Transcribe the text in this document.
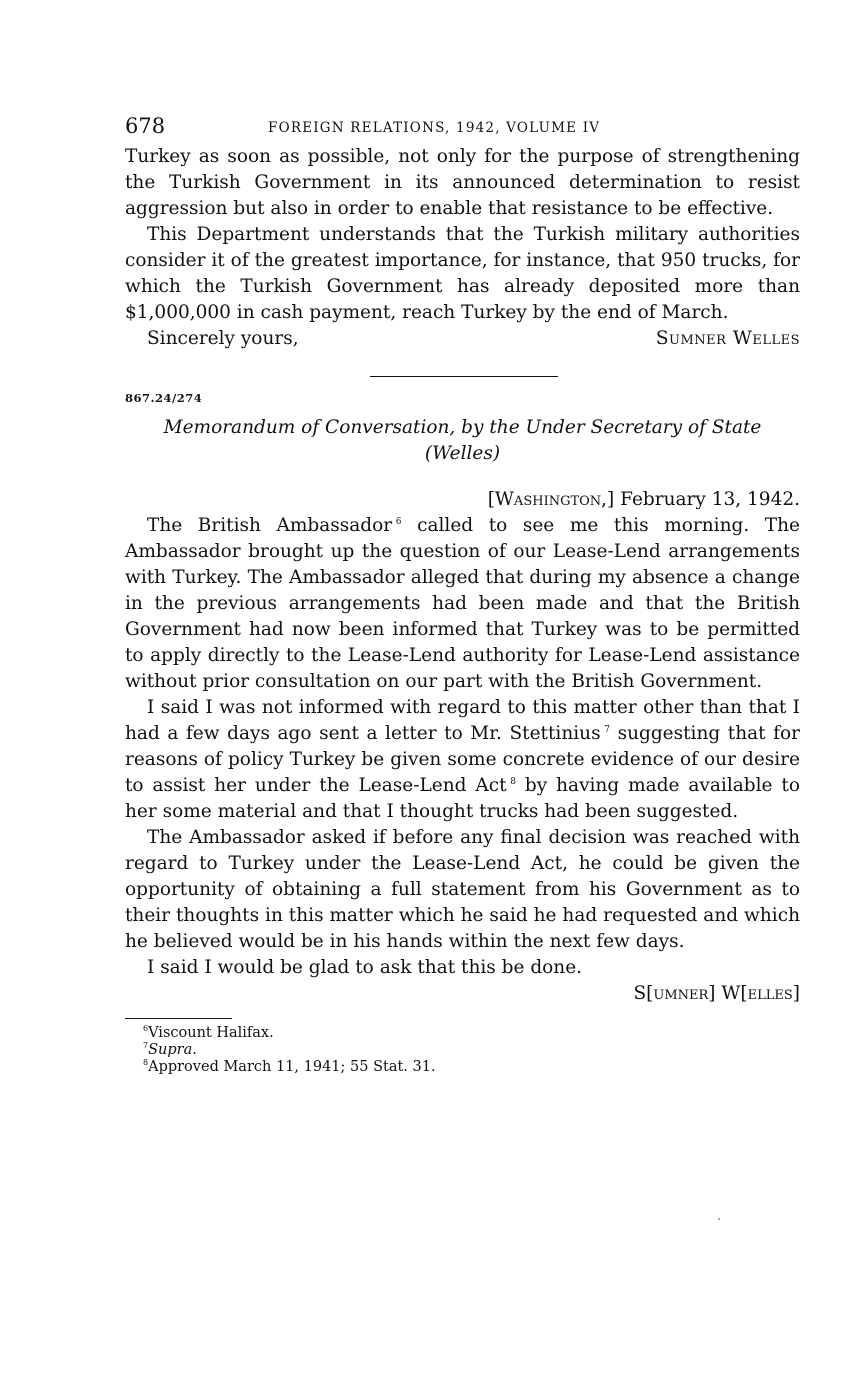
678	FOREIGN RELATIONS, 1942, VOLUME IV

Turkey as soon as possible, not only for the purpose of strengthening the Turkish Government in its announced determination to resist aggression but also in order to enable that resistance to be effective.

This Department understands that the Turkish military authorities consider it of the greatest importance, for instance, that 950 trucks, for which the Turkish Government has already deposited more than $1,000,000 in cash payment, reach Turkey by the end of March.

Sincerely yours,	Sumner Welles
867.24/274
Memorandum of Conversation, by the Under Secretary of State
(Welles)
[Washington,] February 13, 1942.

The British Ambassador  $^6$ called to see me this morning. The Ambassador brought up the question of our Lease-Lend arrangements with Turkey. The Ambassador alleged that during my absence a change in the previous arrangements had been made and that the British Government had now been informed that Turkey was to be permitted to apply directly to the Lease-Lend authority for Lease-Lend assistance without prior consultation on our part with the British Government.

I said I was not informed with regard to this matter other than that I had a few days ago sent a letter to Mr. Stettinius  $^7$ suggesting that for reasons of policy Turkey be given some concrete evidence of our desire to assist her under the Lease-Lend Act  $^8$ by having made available to her some material and that I thought trucks had been suggested.

The Ambassador asked if before any final decision was reached with regard to Turkey under the Lease-Lend Act, he could be given the opportunity of obtaining a full statement from his Government as to their thoughts in this matter which he said he had requested and which he believed would be in his hands within the next few days.

I said I would be glad to ask that this be done.

S[umner] W[elles]
$^6$Viscount Halifax.
$^7$Supra.
$^8$Approved March 11, 1941; 55 Stat. 31.
